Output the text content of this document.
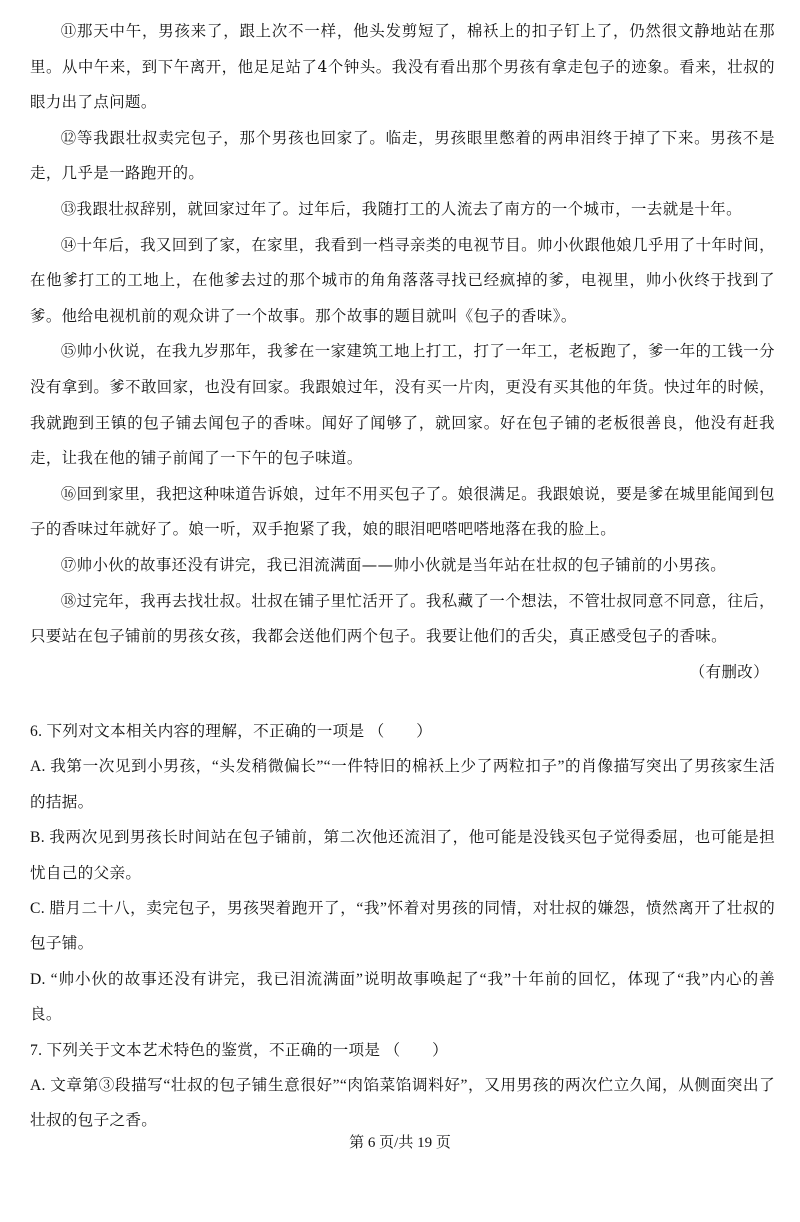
⑪那天中午，男孩来了，跟上次不一样，他头发剪短了，棉袄上的扣子钉上了，仍然很文静地站在那里。从中午来，到下午离开，他足足站了4个钟头。我没有看出那个男孩有拿走包子的迹象。看来，壮叔的眼力出了点问题。

⑫等我跟壮叔卖完包子，那个男孩也回家了。临走，男孩眼里憋着的两串泪终于掉了下来。男孩不是走，几乎是一路跑开的。

⑬我跟壮叔辞别，就回家过年了。过年后，我随打工的人流去了南方的一个城市，一去就是十年。

⑭十年后，我又回到了家，在家里，我看到一档寻亲类的电视节目。帅小伙跟他娘几乎用了十年时间，在他爹打工的工地上，在他爹去过的那个城市的角角落落寻找已经疯掉的爹，电视里，帅小伙终于找到了爹。他给电视机前的观众讲了一个故事。那个故事的题目就叫《包子的香味》。

⑮帅小伙说，在我九岁那年，我爹在一家建筑工地上打工，打了一年工，老板跑了，爹一年的工钱一分没有拿到。爹不敢回家，也没有回家。我跟娘过年，没有买一片肉，更没有买其他的年货。快过年的时候，我就跑到王镇的包子铺去闻包子的香味。闻好了闻够了，就回家。好在包子铺的老板很善良，他没有赶我走，让我在他的铺子前闻了一下午的包子味道。

⑯回到家里，我把这种味道告诉娘，过年不用买包子了。娘很满足。我跟娘说，要是爹在城里能闻到包子的香味过年就好了。娘一听，双手抱紧了我，娘的眼泪吧嗒吧嗒地落在我的脸上。

⑰帅小伙的故事还没有讲完，我已泪流满面——帅小伙就是当年站在壮叔的包子铺前的小男孩。

⑱过完年，我再去找壮叔。壮叔在铺子里忙活开了。我私藏了一个想法，不管壮叔同意不同意，往后，只要站在包子铺前的男孩女孩，我都会送他们两个包子。我要让他们的舌尖，真正感受包子的香味。

（有删改）

6. 下列对文本相关内容的理解，不正确的一项是 （　　）

A. 我第一次见到小男孩，“头发稍微偏长”“一件特旧的棉袄上少了两粒扣子”的肖像描写突出了男孩家生活的拮据。

B. 我两次见到男孩长时间站在包子铺前，第二次他还流泪了，他可能是没钱买包子觉得委屈，也可能是担忧自己的父亲。

C. 腊月二十八，卖完包子，男孩哭着跑开了，“我”怀着对男孩的同情，对壮叔的嫌怨，愤然离开了壮叔的包子铺。

D. “帅小伙的故事还没有讲完，我已泪流满面”说明故事唤起了“我”十年前的回忆，体现了“我”内心的善良。

7. 下列关于文本艺术特色的鉴赏，不正确的一项是 （　　）

A. 文章第③段描写“壮叔的包子铺生意很好”“肉馅菜馅调料好”，又用男孩的两次伫立久闻，从侧面突出了壮叔的包子之香。

第 6 页/共 19 页
